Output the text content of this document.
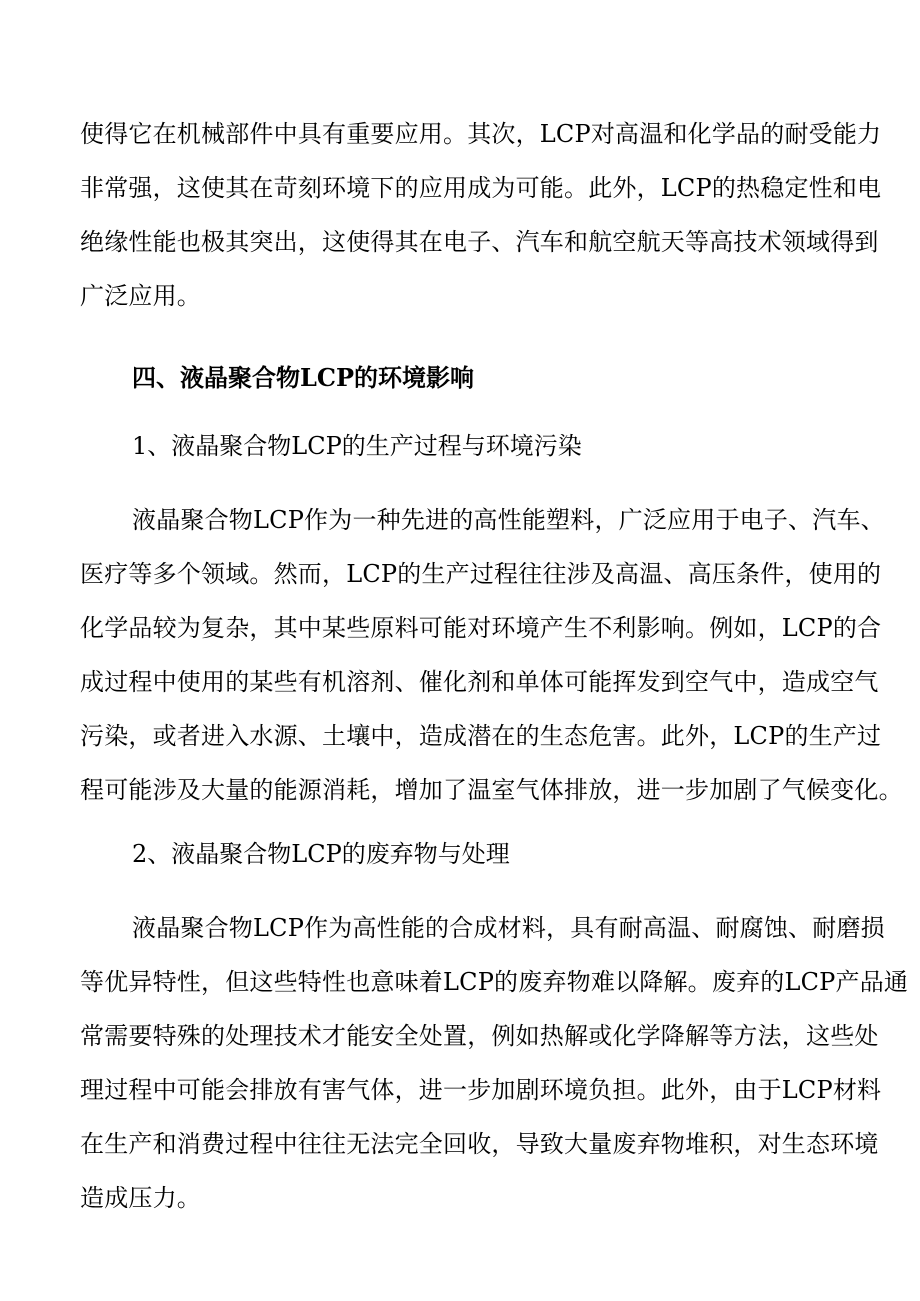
使得它在机械部件中具有重要应用。其次，LCP对高温和化学品的耐受能力
非常强，这使其在苛刻环境下的应用成为可能。此外，LCP的热稳定性和电
绝缘性能也极其突出，这使得其在电子、汽车和航空航天等高技术领域得到
广泛应用。
四、液晶聚合物LCP的环境影响
1、液晶聚合物LCP的生产过程与环境污染
液晶聚合物LCP作为一种先进的高性能塑料，广泛应用于电子、汽车、
医疗等多个领域。然而，LCP的生产过程往往涉及高温、高压条件，使用的
化学品较为复杂，其中某些原料可能对环境产生不利影响。例如，LCP的合
成过程中使用的某些有机溶剂、催化剂和单体可能挥发到空气中，造成空气
污染，或者进入水源、土壤中，造成潜在的生态危害。此外，LCP的生产过
程可能涉及大量的能源消耗，增加了温室气体排放，进一步加剧了气候变化。
2、液晶聚合物LCP的废弃物与处理
液晶聚合物LCP作为高性能的合成材料，具有耐高温、耐腐蚀、耐磨损
等优异特性，但这些特性也意味着LCP的废弃物难以降解。废弃的LCP产品通
常需要特殊的处理技术才能安全处置，例如热解或化学降解等方法，这些处
理过程中可能会排放有害气体，进一步加剧环境负担。此外，由于LCP材料
在生产和消费过程中往往无法完全回收，导致大量废弃物堆积，对生态环境
造成压力。
